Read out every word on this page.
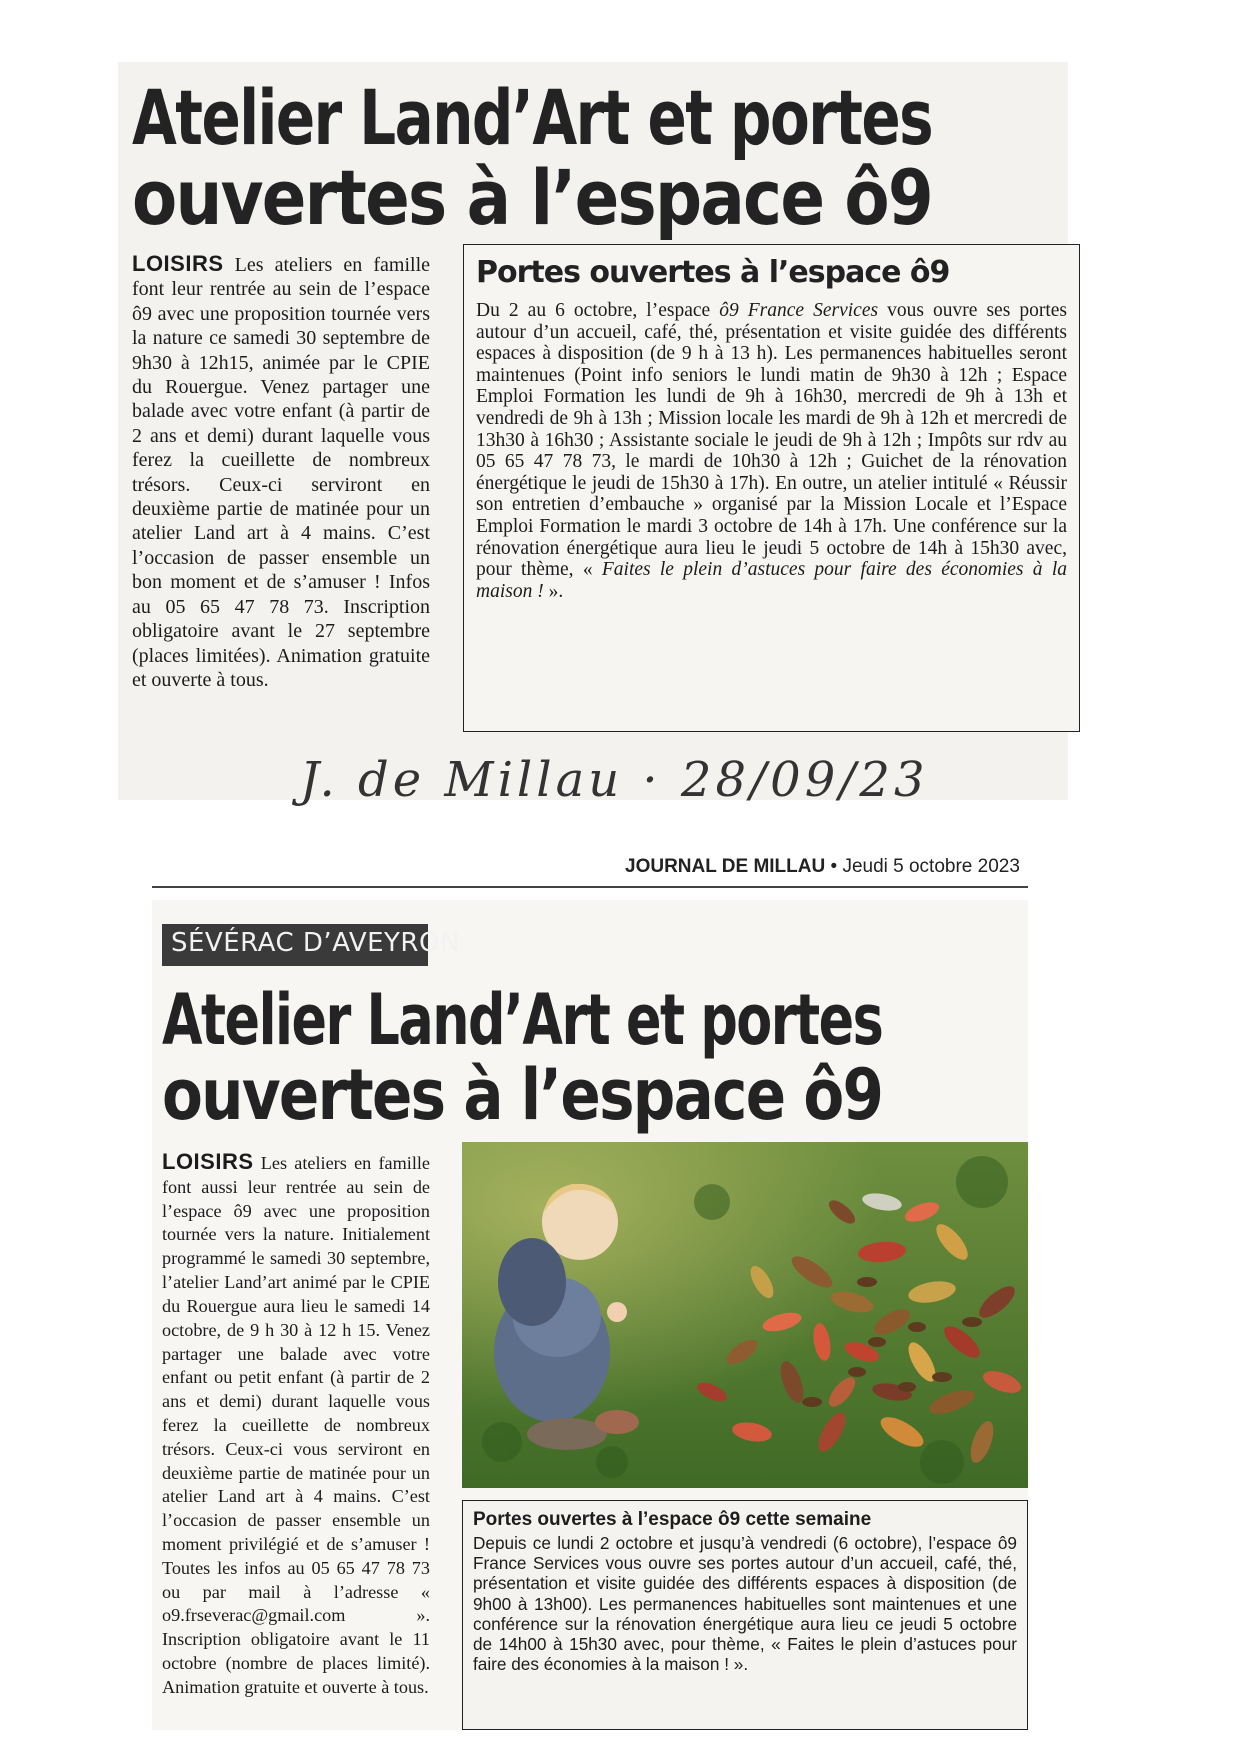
Atelier Land’Art et portes
ouvertes à l’espace ô9

LOISIRS Les ateliers en famille font leur rentrée au sein de l’espace ô9 avec une proposition tournée vers la nature ce samedi 30 septembre de 9h30 à 12h15, animée par le CPIE du Rouergue. Venez partager une balade avec votre enfant (à partir de 2 ans et demi) durant laquelle vous ferez la cueillette de nombreux trésors. Ceux-ci serviront en deuxième partie de matinée pour un atelier Land art à 4 mains. C’est l’occasion de passer ensemble un bon moment et de s’amuser ! Infos au 05 65 47 78 73. Inscription obligatoire avant le 27 septembre (places limitées). Animation gratuite et ouverte à tous.

Portes ouvertes à l’espace ô9

Du 2 au 6 octobre, l’espace ô9 France Services vous ouvre ses portes autour d’un accueil, café, thé, présentation et visite guidée des différents espaces à disposition (de 9 h à 13 h). Les permanences habituelles seront maintenues (Point info seniors le lundi matin de 9h30 à 12h ; Espace Emploi Formation les lundi de 9h à 16h30, mercredi de 9h à 13h et vendredi de 9h à 13h ; Mission locale les mardi de 9h à 12h et mercredi de 13h30 à 16h30 ; Assistante sociale le jeudi de 9h à 12h ; Impôts sur rdv au 05 65 47 78 73, le mardi de 10h30 à 12h ; Guichet de la rénovation énergétique le jeudi de 15h30 à 17h). En outre, un atelier intitulé « Réussir son entretien d’embauche » organisé par la Mission Locale et l’Espace Emploi Formation le mardi 3 octobre de 14h à 17h. Une conférence sur la rénovation énergétique aura lieu le jeudi 5 octobre de 14h à 15h30 avec, pour thème, « Faites le plein d’astuces pour faire des économies à la maison ! ».

J. de Millau · 28/09/23
JOURNAL DE MILLAU • Jeudi 5 octobre 2023
SÉVÉRAC D’AVEYRON
Atelier Land’Art et portes
ouvertes à l’espace ô9

LOISIRS Les ateliers en famille font aussi leur rentrée au sein de l’espace ô9 avec une proposition tournée vers la nature. Initialement programmé le samedi 30 septembre, l’atelier Land’art animé par le CPIE du Rouergue aura lieu le samedi 14 octobre, de 9 h 30 à 12 h 15. Venez partager une balade avec votre enfant ou petit enfant (à partir de 2 ans et demi) durant laquelle vous ferez la cueillette de nombreux trésors. Ceux-ci vous serviront en deuxième partie de matinée pour un atelier Land art à 4 mains. C’est l’occasion de passer ensemble un moment privilégié et de s’amuser ! Toutes les infos au 05 65 47 78 73 ou par mail à l’adresse « o9.frseverac@gmail.com ». Inscription obligatoire avant le 11 octobre (nombre de places limité). Animation gratuite et ouverte à tous.

Portes ouvertes à l’espace ô9 cette semaine

Depuis ce lundi 2 octobre et jusqu’à vendredi (6 octobre), l’espace ô9 France Services vous ouvre ses portes autour d’un accueil, café, thé, présentation et visite guidée des différents espaces à disposition (de 9h00 à 13h00). Les permanences habituelles sont maintenues et une conférence sur la rénovation énergétique aura lieu ce jeudi 5 octobre de 14h00 à 15h30 avec, pour thème, « Faites le plein d’astuces pour faire des économies à la maison ! ».
